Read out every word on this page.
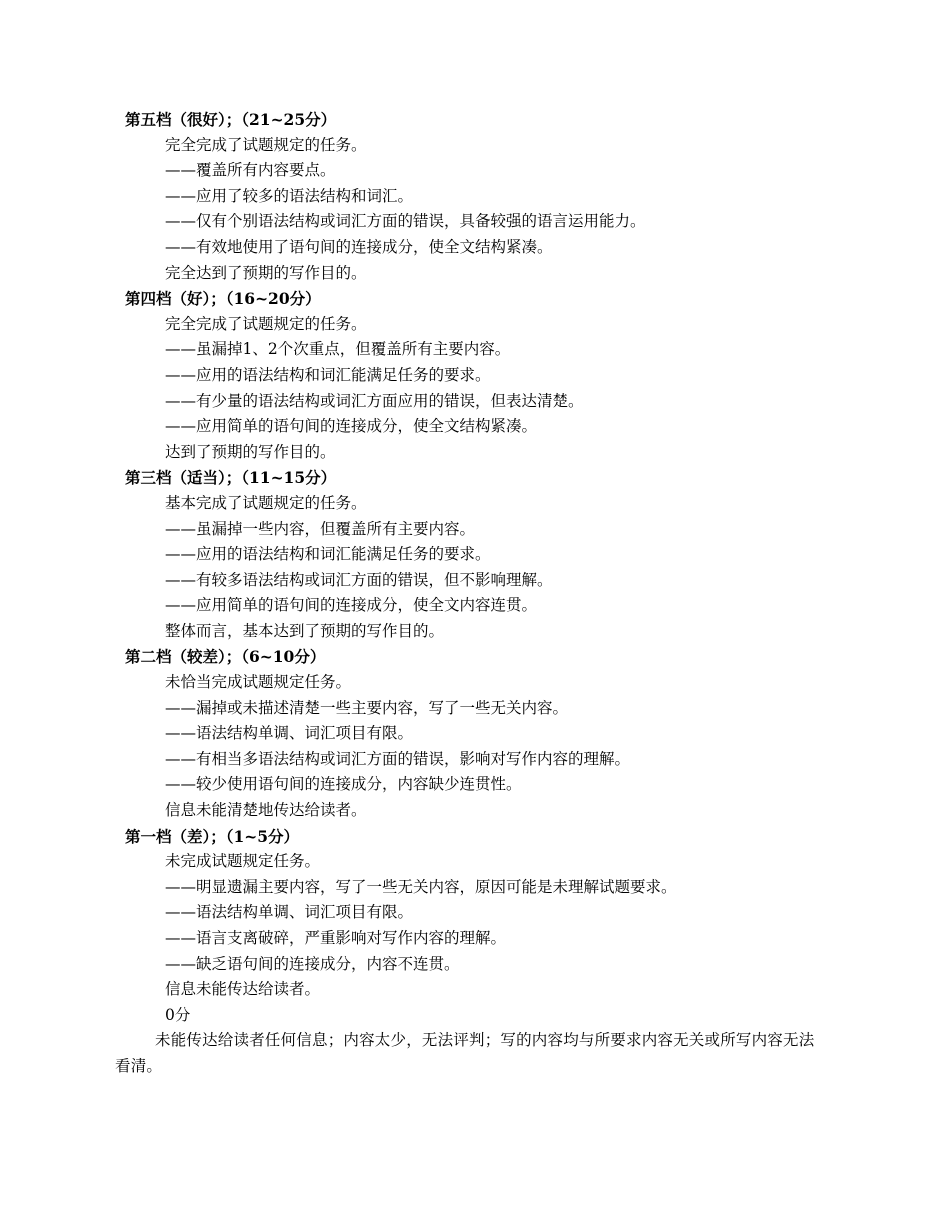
第五档（很好）；（21~25分）
完全完成了试题规定的任务。
——覆盖所有内容要点。
——应用了较多的语法结构和词汇。
——仅有个别语法结构或词汇方面的错误，具备较强的语言运用能力。
——有效地使用了语句间的连接成分，使全文结构紧凑。
完全达到了预期的写作目的。
第四档（好）；（16~20分）
完全完成了试题规定的任务。
——虽漏掉1、2个次重点，但覆盖所有主要内容。
——应用的语法结构和词汇能满足任务的要求。
——有少量的语法结构或词汇方面应用的错误，但表达清楚。
——应用简单的语句间的连接成分，使全文结构紧凑。
达到了预期的写作目的。
第三档（适当）；（11~15分）
基本完成了试题规定的任务。
——虽漏掉一些内容，但覆盖所有主要内容。
——应用的语法结构和词汇能满足任务的要求。
——有较多语法结构或词汇方面的错误，但不影响理解。
——应用简单的语句间的连接成分，使全文内容连贯。
整体而言，基本达到了预期的写作目的。
第二档（较差）；（6~10分）
未恰当完成试题规定任务。
——漏掉或未描述清楚一些主要内容，写了一些无关内容。
——语法结构单调、词汇项目有限。
——有相当多语法结构或词汇方面的错误，影响对写作内容的理解。
——较少使用语句间的连接成分，内容缺少连贯性。
信息未能清楚地传达给读者。
第一档（差）；（1~5分）
未完成试题规定任务。
——明显遗漏主要内容，写了一些无关内容，原因可能是未理解试题要求。
——语法结构单调、词汇项目有限。
——语言支离破碎，严重影响对写作内容的理解。
——缺乏语句间的连接成分，内容不连贯。
信息未能传达给读者。
0分
未能传达给读者任何信息；内容太少，无法评判；写的内容均与所要求内容无关或所写内容无法看清。
